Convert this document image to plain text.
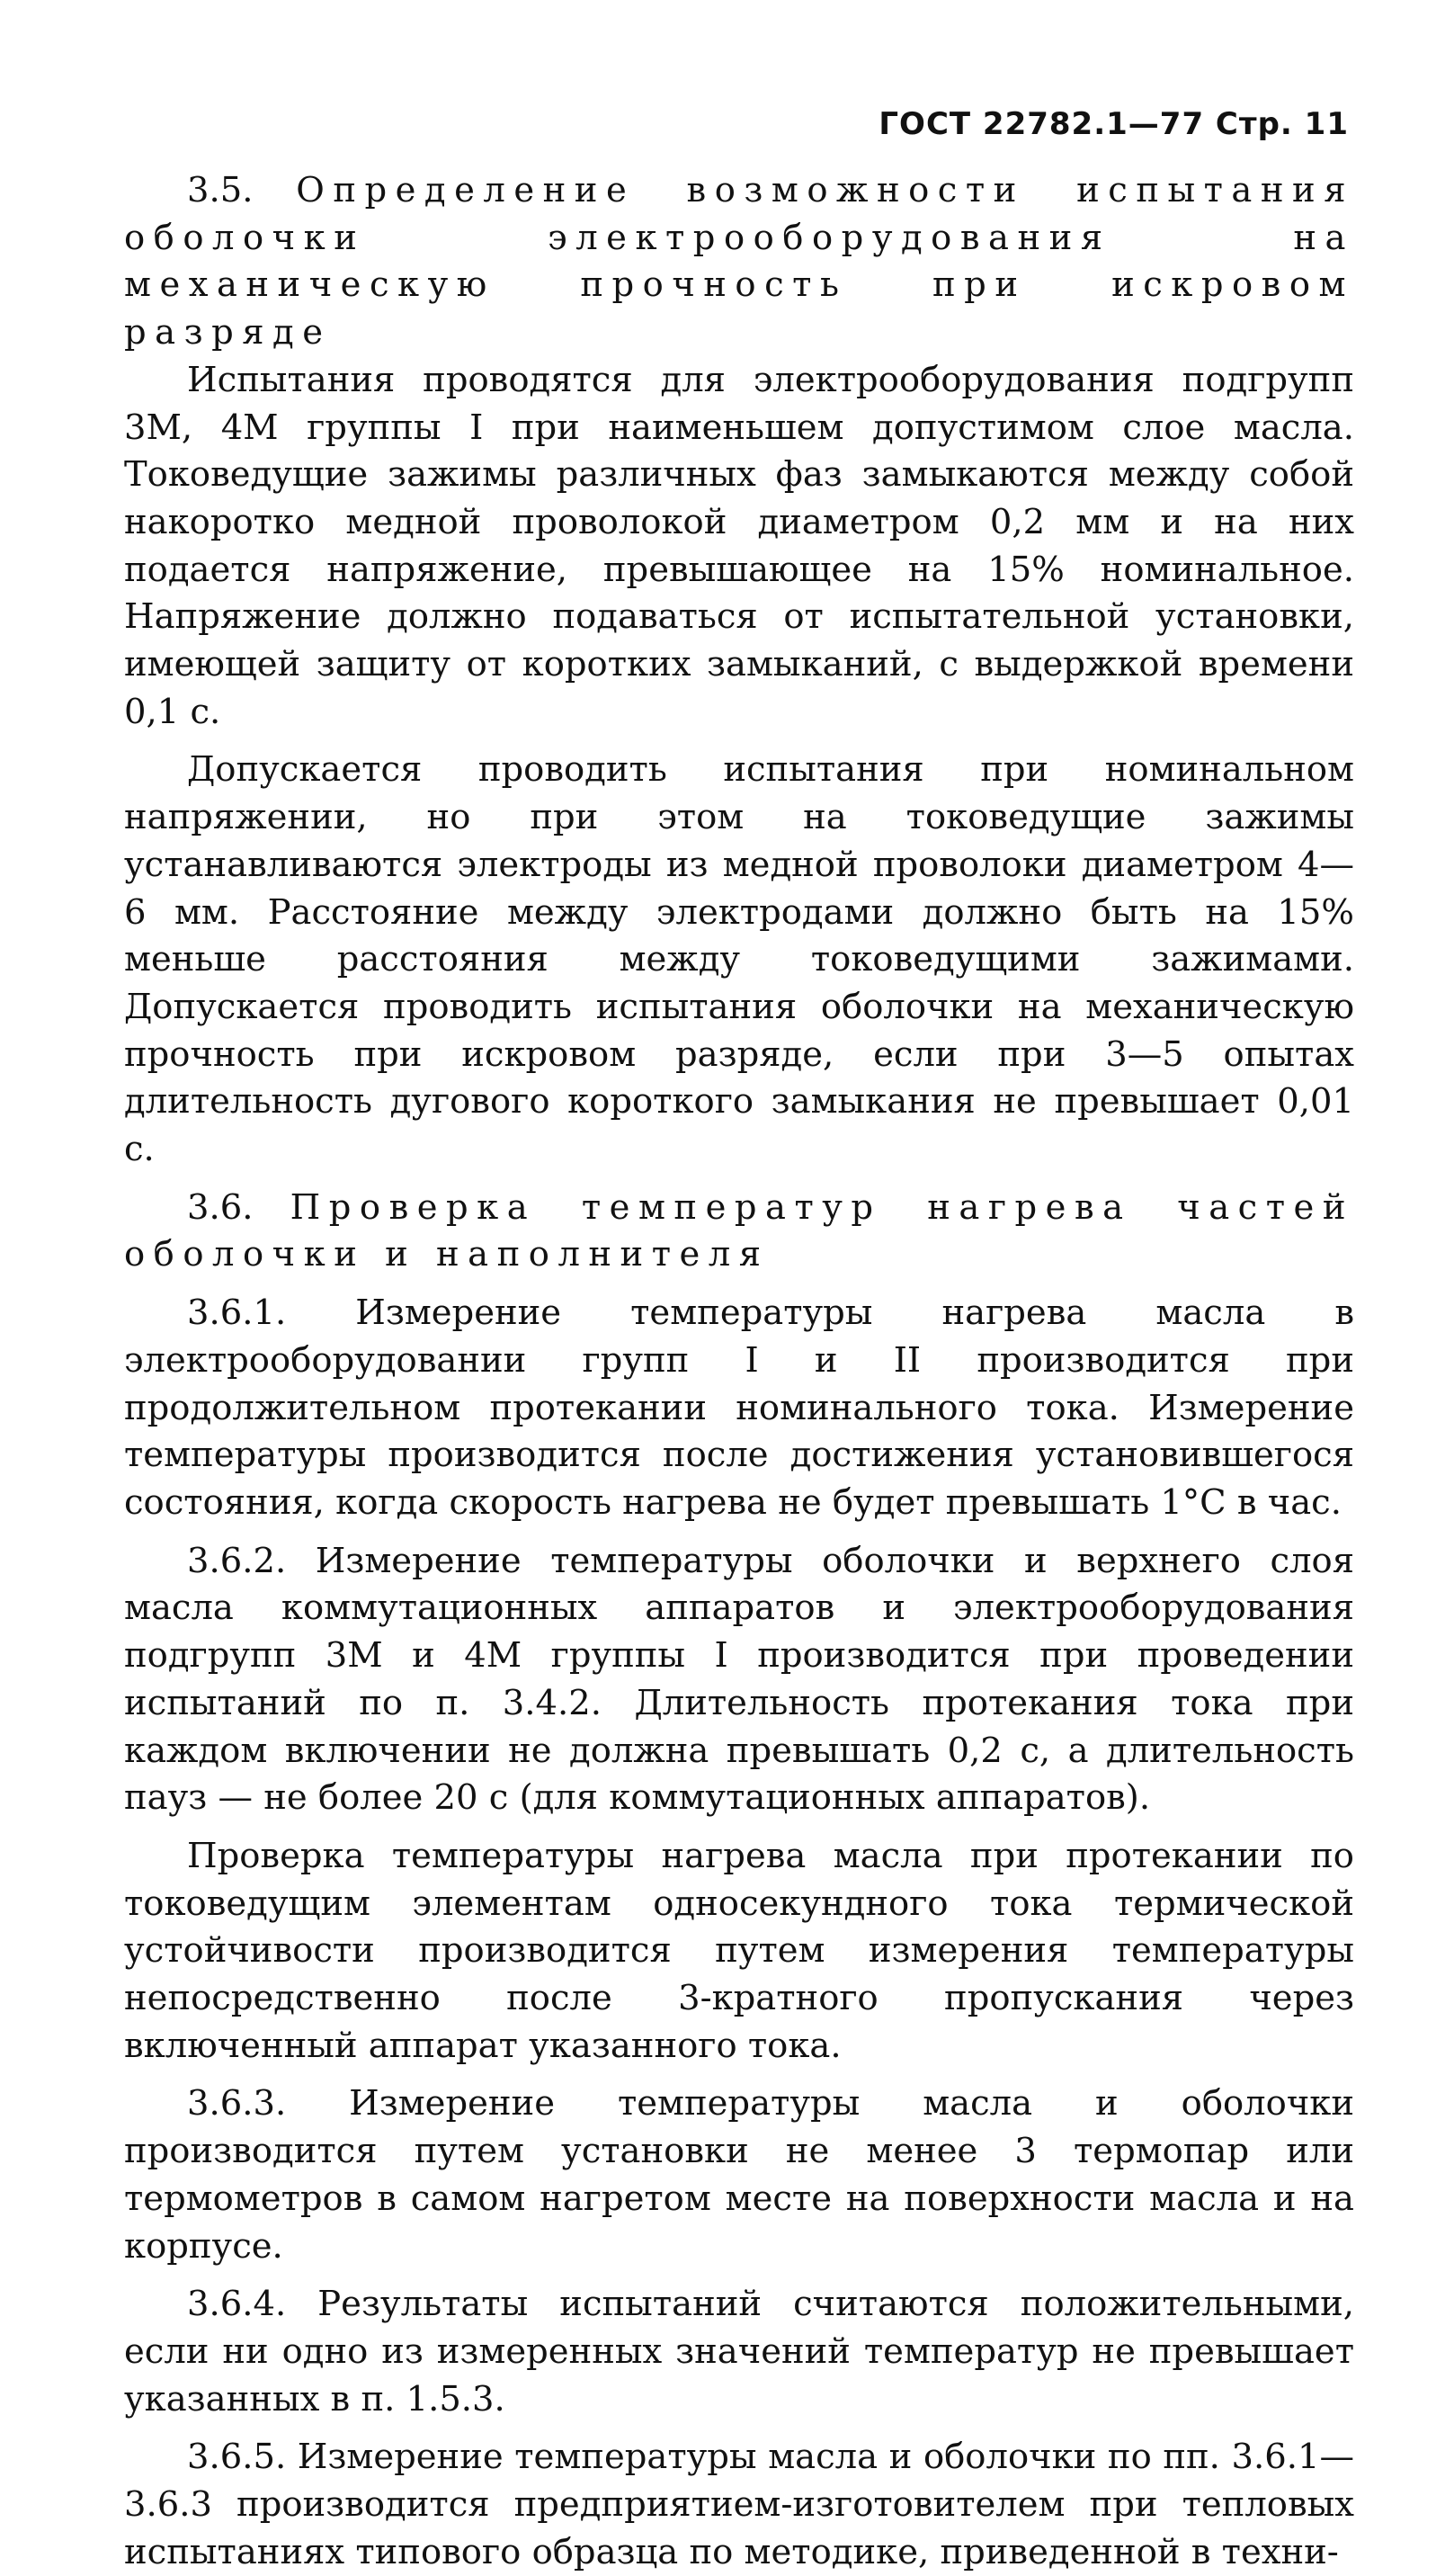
ГОСТ 22782.1—77 Стр. 11

3.5. Определение возможности испытания оболочки электрооборудования на механическую прочность при искровом разряде

Испытания проводятся для электрооборудования подгрупп 3М, 4М группы I при наименьшем допустимом слое масла. Токоведущие зажимы различных фаз замыкаются между собой накоротко медной проволокой диаметром 0,2 мм и на них подается напряжение, превышающее на 15% номинальное. Напряжение должно подаваться от испытательной установки, имеющей защиту от коротких замыканий, с выдержкой времени 0,1 с.

Допускается проводить испытания при номинальном напряжении, но при этом на токоведущие зажимы устанавливаются электроды из медной проволоки диаметром 4—6 мм. Расстояние между электродами должно быть на 15% меньше расстояния между токоведущими зажимами. Допускается проводить испытания оболочки на механическую прочность при искровом разряде, если при 3—5 опытах длительность дугового короткого замыкания не превышает 0,01 с.

3.6. Проверка температур нагрева частей оболочки и наполнителя

3.6.1. Измерение температуры нагрева масла в электрооборудовании групп I и II производится при продолжительном протекании номинального тока. Измерение температуры производится после достижения установившегося состояния, когда скорость нагрева не будет превышать 1°С в час.

3.6.2. Измерение температуры оболочки и верхнего слоя масла коммутационных аппаратов и электрооборудования подгрупп 3М и 4М группы I производится при проведении испытаний по п. 3.4.2. Длительность протекания тока при каждом включении не должна превышать 0,2 с, а длительность пауз — не более 20 с (для коммутационных аппаратов).

Проверка температуры нагрева масла при протекании по токоведущим элементам односекундного тока термической устойчивости производится путем измерения температуры непосредственно после 3-кратного пропускания через включенный аппарат указанного тока.

3.6.3. Измерение температуры масла и оболочки производится путем установки не менее 3 термопар или термометров в самом нагретом месте на поверхности масла и на корпусе.

3.6.4. Результаты испытаний считаются положительными, если ни одно из измеренных значений температур не превышает указанных в п. 1.5.3.

3.6.5. Измерение температуры масла и оболочки по пп. 3.6.1— 3.6.3 производится предприятием-изготовителем при тепловых испытаниях типового образца по методике, приведенной в техни-
